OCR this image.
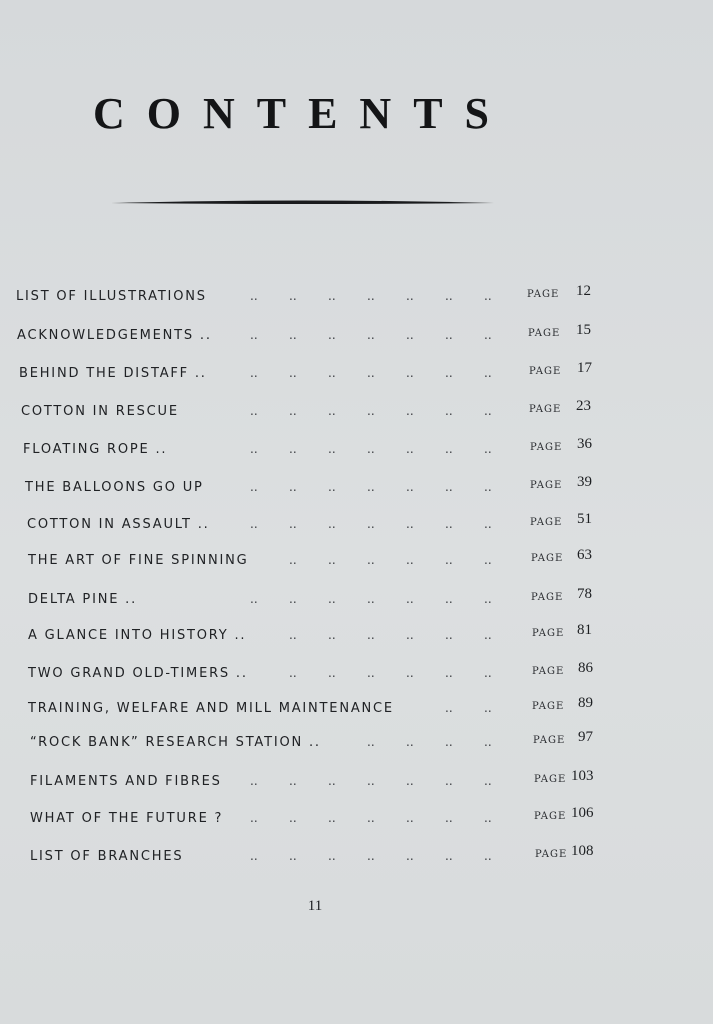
CONTENTS
LIST OF ILLUSTRATIONS	PAGE 12
..	..	..	..	..	..	..
ACKNOWLEDGEMENTS ..	PAGE 15
..	..	..	..	..	..	..
BEHIND THE DISTAFF ..	PAGE 17
..	..	..	..	..	..	..
COTTON IN RESCUE	PAGE 23
..	..	..	..	..	..	..
FLOATING ROPE ..	PAGE 36
..	..	..	..	..	..	..
THE BALLOONS GO UP	PAGE 39
..	..	..	..	..	..	..
COTTON IN ASSAULT ..	PAGE 51
..	..	..	..	..	..	..
THE ART OF FINE SPINNING	PAGE 63
..	..	..	..	..	..
DELTA PINE ..	PAGE 78
..	..	..	..	..	..	..
A GLANCE INTO HISTORY ..	PAGE 81
..	..	..	..	..	..
TWO GRAND OLD-TIMERS ..	PAGE 86
..	..	..	..	..	..
TRAINING, WELFARE AND MILL MAINTENANCE	PAGE 89
..	..
“ROCK BANK” RESEARCH STATION ..	PAGE 97
..	..	..	..
FILAMENTS AND FIBRES	PAGE 103
..	..	..	..	..	..	..
WHAT OF THE FUTURE ?	PAGE 106
..	..	..	..	..	..	..
LIST OF BRANCHES	PAGE 108
..	..	..	..	..	..	..
11
